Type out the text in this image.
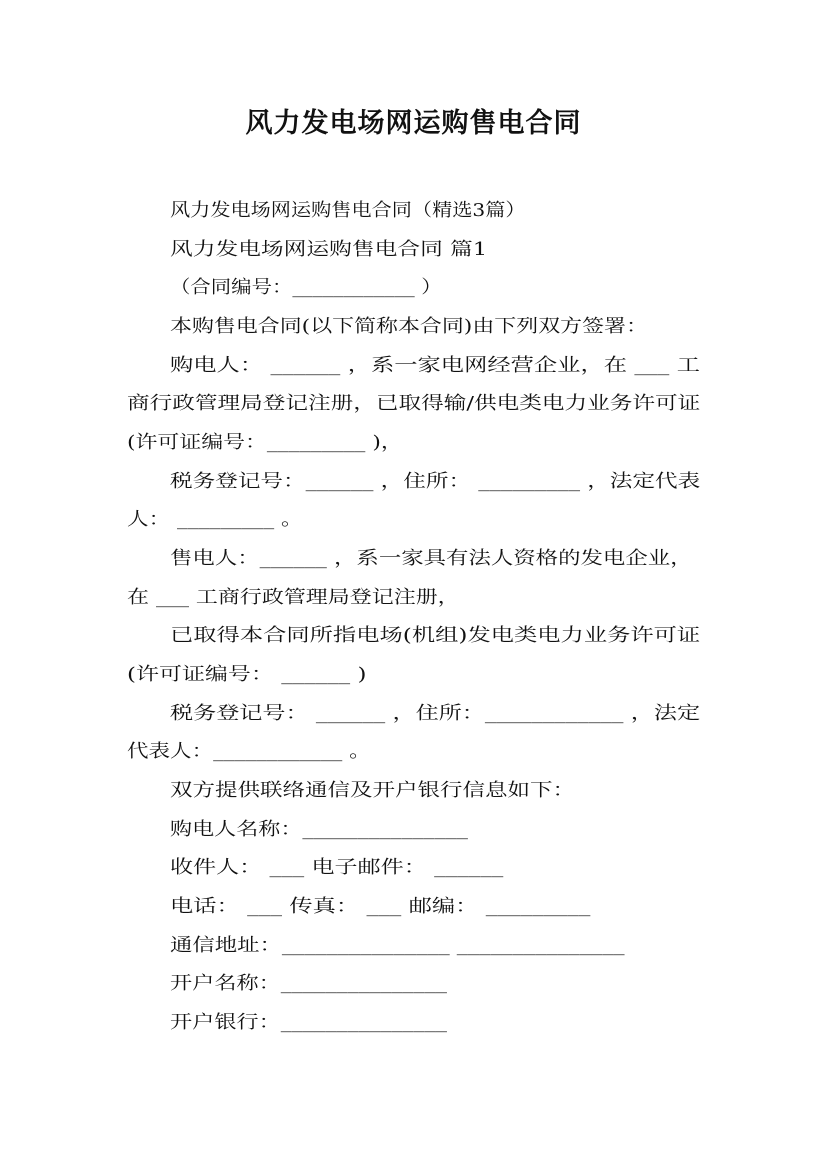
风力发电场网运购售电合同
风力发电场网运购售电合同（精选3篇）
风力发电场网运购售电合同 篇1
（合同编号：____________ ）
本购售电合同(以下简称本合同)由下列双方签署：
购电人： ______ ，系一家电网经营企业，在 ___ 工
商行政管理局登记注册，已取得输/供电类电力业务许可证
(许可证编号：_________ )，
税务登记号：______ ，住所： _________ ，法定代表
人： _________ 。
售电人：______ ，系一家具有法人资格的发电企业，
在 ___ 工商行政管理局登记注册，
已取得本合同所指电场(机组)发电类电力业务许可证
(许可证编号： ______ )
税务登记号： ______ ，住所：____________ ，法定
代表人：____________ 。
双方提供联络通信及开户银行信息如下：
购电人名称：_______________
收件人： ___ 电子邮件： ______
电话： ___ 传真： ___ 邮编： _________
通信地址：_______________ _______________
开户名称：_______________
开户银行：_______________
